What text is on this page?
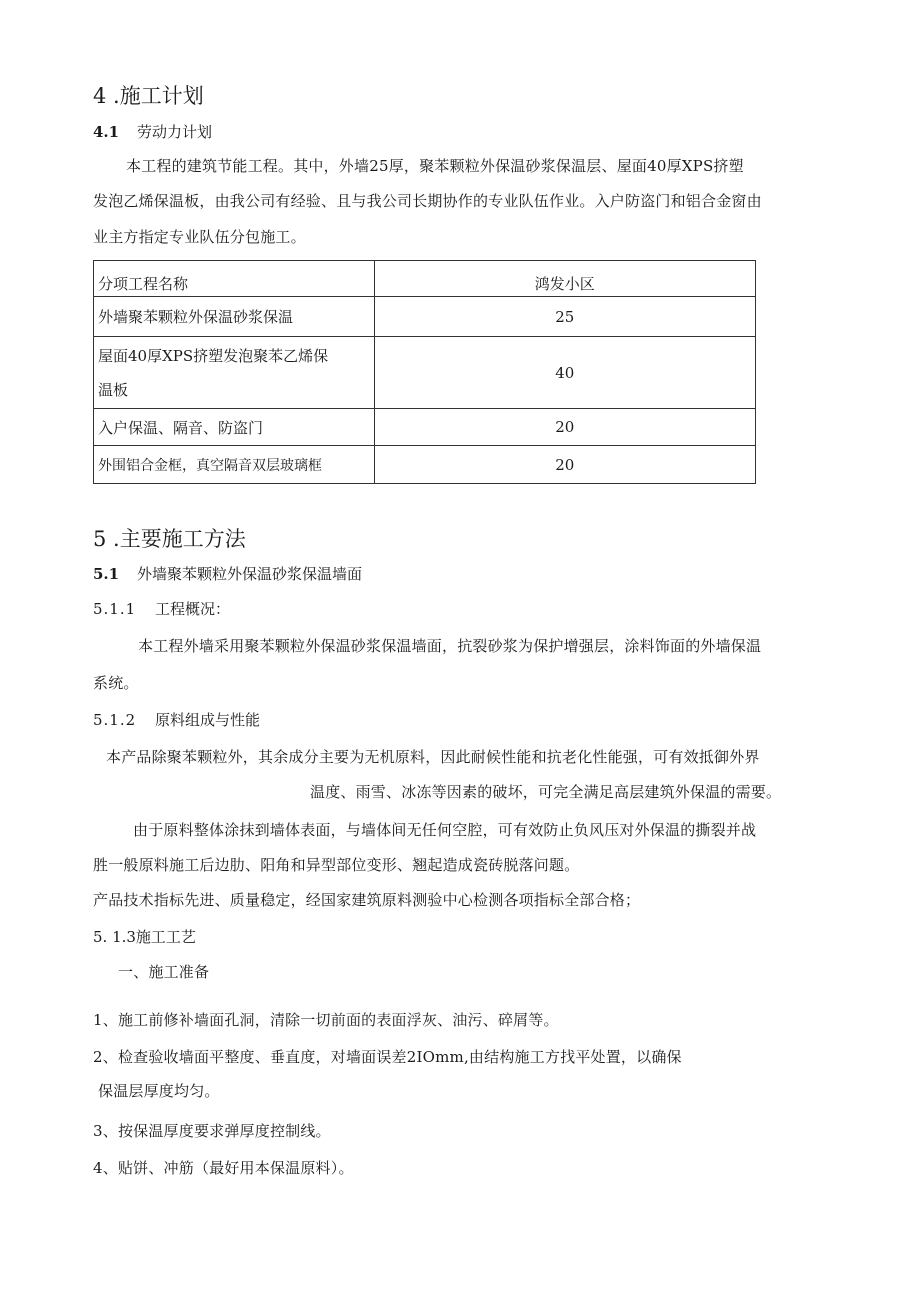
4 .施工计划
4.1 劳动力计划
本工程的建筑节能工程。其中，外墙25厚，聚苯颗粒外保温砂浆保温层、屋面40厚XPS挤塑
发泡乙烯保温板，由我公司有经验、且与我公司长期协作的专业队伍作业。入户防盗门和铝合金窗由
业主方指定专业队伍分包施工。
分项工程名称	鸿发小区
外墙聚苯颗粒外保温砂浆保温	25
屋面40厚XPS挤塑发泡聚苯乙烯保
温板	40
入户保温、隔音、防盗门	20
外围铝合金框，真空隔音双层玻璃框	20
5 .主要施工方法
5.1 外墙聚苯颗粒外保温砂浆保温墙面
5.1.1 工程概况：
本工程外墙采用聚苯颗粒外保温砂浆保温墙面，抗裂砂浆为保护增强层，涂料饰面的外墙保温
系统。
5.1.2 原料组成与性能
本产品除聚苯颗粒外，其余成分主要为无机原料，因此耐候性能和抗老化性能强，可有效抵御外界
温度、雨雪、冰冻等因素的破坏，可完全满足高层建筑外保温的需要。
由于原料整体涂抹到墙体表面，与墙体间无任何空腔，可有效防止负风压对外保温的撕裂并战
胜一般原料施工后边肋、阳角和异型部位变形、翘起造成瓷砖脱落问题。
产品技术指标先进、质量稳定，经国家建筑原料测验中心检测各项指标全部合格；
5. 1.3施工工艺
一、施工准备
1、施工前修补墙面孔洞，清除一切前面的表面浮灰、油污、碎屑等。
2、检查验收墙面平整度、垂直度，对墙面误差2IOmm,由结构施工方找平处置，以确保
保温层厚度均匀。
3、按保温厚度要求弹厚度控制线。
4、贴饼、冲筋（最好用本保温原料）。
